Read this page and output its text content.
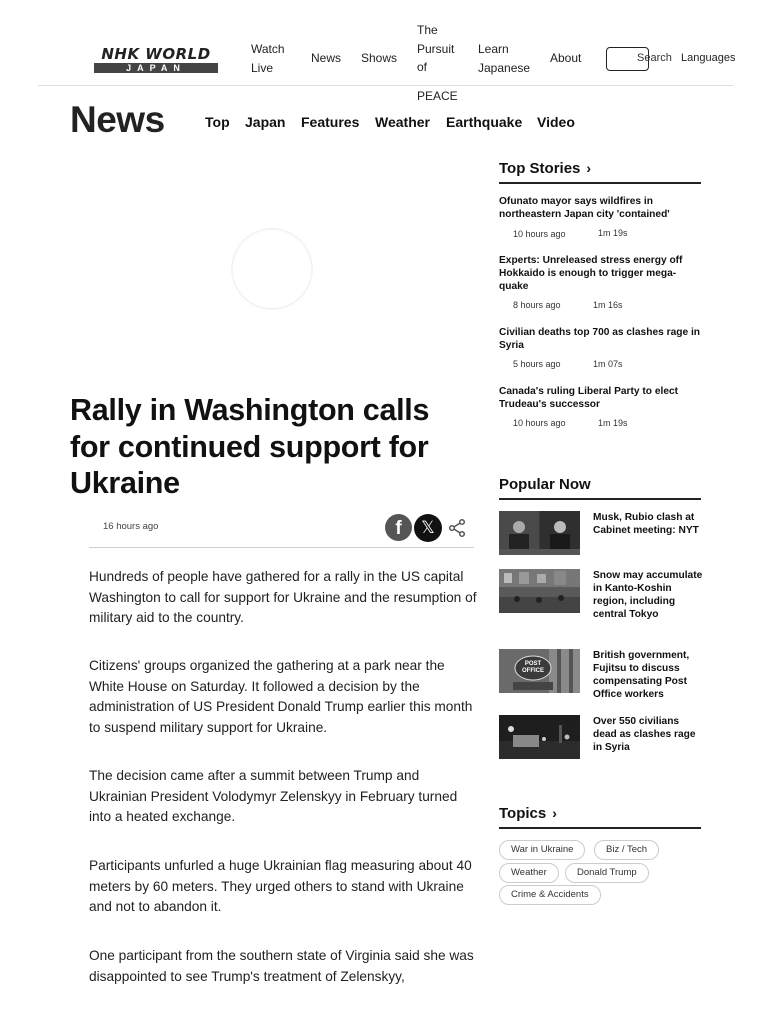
NHK WORLD
JAPAN
Watch
Live
News Shows
The
Pursuit
of
PEACE
Learn
Japanese
About	Search Languages
News	Top Japan Features Weather Earthquake Video
Rally in Washington calls for continued support for Ukraine
16 hours ago	f	𝕏

Hundreds of people have gathered for a rally in the US capital Washington to call for support for Ukraine and the resumption of military aid to the country.

Citizens' groups organized the gathering at a park near the White House on Saturday. It followed a decision by the administration of US President Donald Trump earlier this month to suspend military support for Ukraine.

The decision came after a summit between Trump and Ukrainian President Volodymyr Zelenskyy in February turned into a heated exchange.

Participants unfurled a huge Ukrainian flag measuring about 40 meters by 60 meters. They urged others to stand with Ukraine and not to abandon it.

One participant from the southern state of Virginia said she was disappointed to see Trump's treatment of Zelenskyy,

Top Stories ›
Ofunato mayor says wildfires in northeastern Japan city 'contained'
10 hours ago	1m 19s
Experts: Unreleased stress energy off Hokkaido is enough to trigger mega-quake
8 hours ago	1m 16s
Civilian deaths top 700 as clashes rage in Syria
5 hours ago	1m 07s
Canada's ruling Liberal Party to elect Trudeau's successor
10 hours ago	1m 19s
Popular Now
Musk, Rubio clash at Cabinet meeting: NYT
Snow may accumulate in Kanto-Koshin region, including central Tokyo
POST
OFFICE
British government, Fujitsu to discuss compensating Post Office workers
Over 550 civilians dead as clashes rage in Syria
Topics ›
War in Ukraine	Biz / Tech
Weather	Donald Trump
Crime & Accidents
